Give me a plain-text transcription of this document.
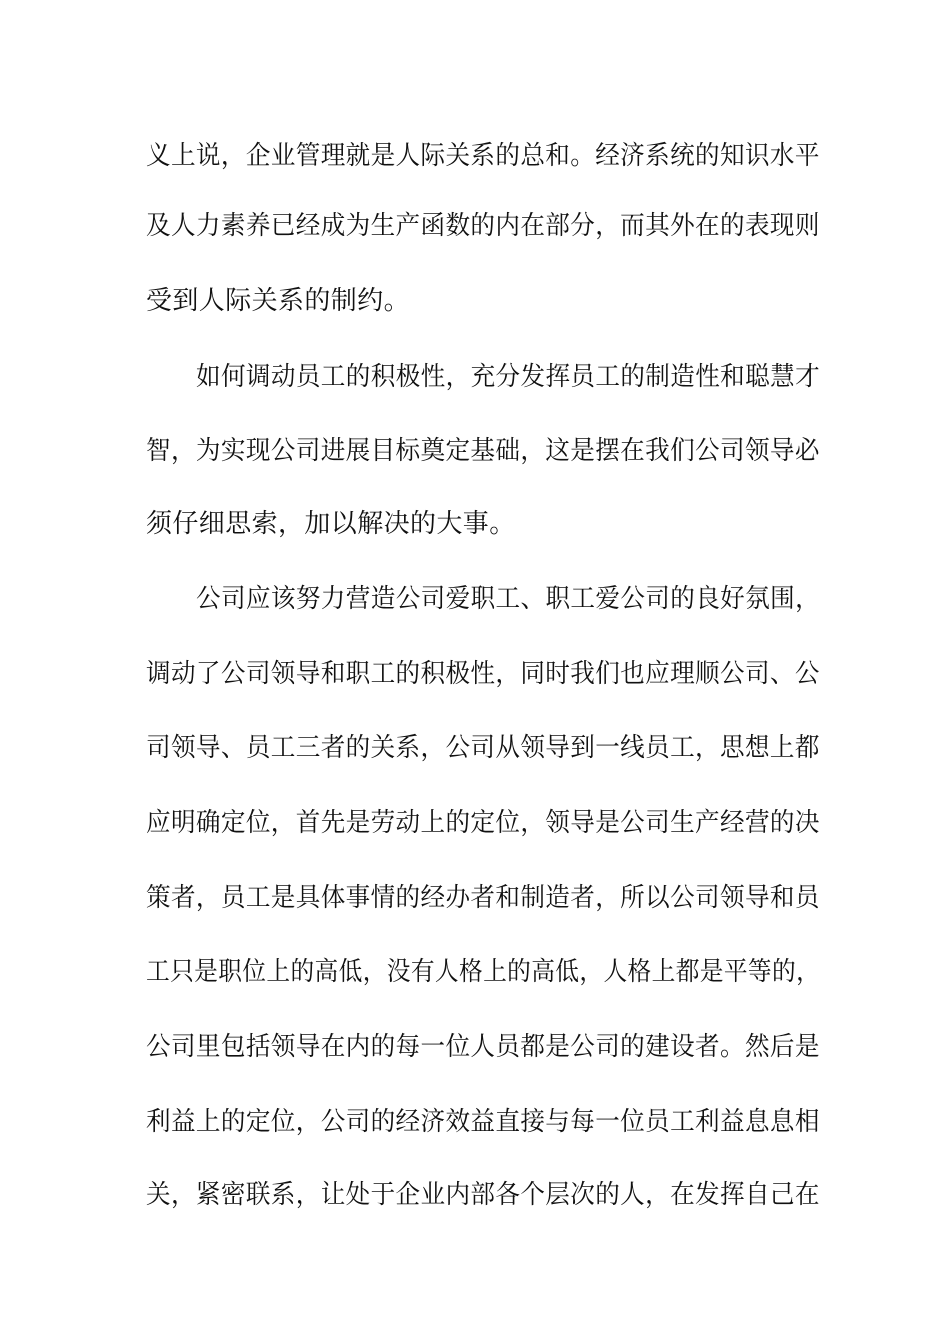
义上说，企业管理就是人际关系的总和。经济系统的知识水平
及人力素养已经成为生产函数的内在部分，而其外在的表现则
受到人际关系的制约。
如何调动员工的积极性，充分发挥员工的制造性和聪慧才
智，为实现公司进展目标奠定基础，这是摆在我们公司领导必
须仔细思索，加以解决的大事。
公司应该努力营造公司爱职工、职工爱公司的良好氛围，
调动了公司领导和职工的积极性，同时我们也应理顺公司、公
司领导、员工三者的关系，公司从领导到一线员工，思想上都
应明确定位，首先是劳动上的定位，领导是公司生产经营的决
策者，员工是具体事情的经办者和制造者，所以公司领导和员
工只是职位上的高低，没有人格上的高低，人格上都是平等的，
公司里包括领导在内的每一位人员都是公司的建设者。然后是
利益上的定位，公司的经济效益直接与每一位员工利益息息相
关，紧密联系，让处于企业内部各个层次的人，在发挥自己在
